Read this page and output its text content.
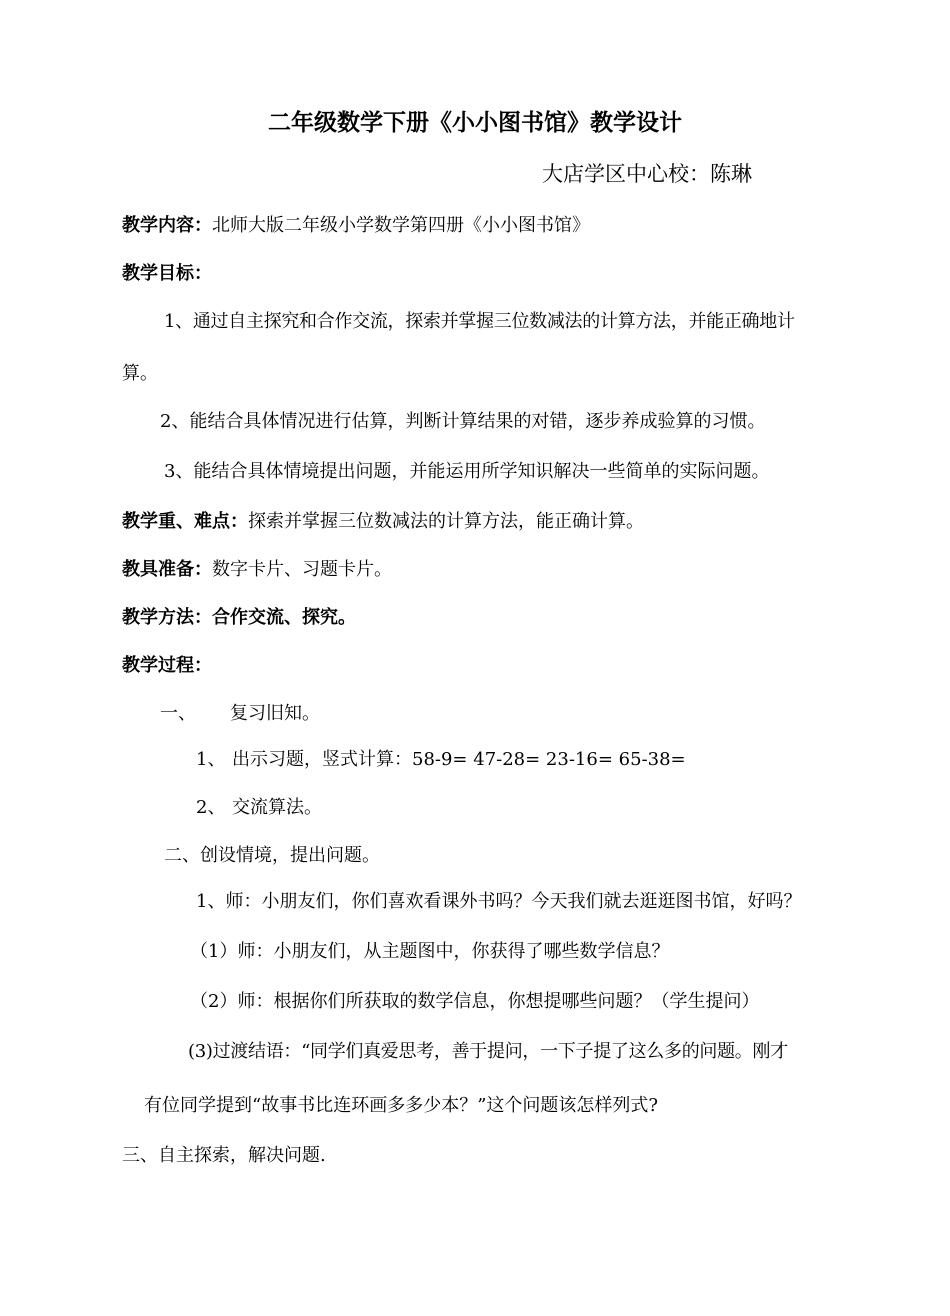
二年级数学下册《小小图书馆》教学设计
大店学区中心校：陈琳
教学内容：北师大版二年级小学数学第四册《小小图书馆》
教学目标：
1、通过自主探究和合作交流，探索并掌握三位数减法的计算方法，并能正确地计
算。
2、能结合具体情况进行估算，判断计算结果的对错，逐步养成验算的习惯。
3、能结合具体情境提出问题，并能运用所学知识解决一些简单的实际问题。
教学重、难点：探索并掌握三位数减法的计算方法，能正确计算。
教具准备：数字卡片、习题卡片。
教学方法：合作交流、探究。
教学过程：
一、 复习旧知。
1、 出示习题，竖式计算：58-9= 47-28= 23-16= 65-38=
2、 交流算法。
二、创设情境，提出问题。
1、师：小朋友们，你们喜欢看课外书吗？今天我们就去逛逛图书馆，好吗？
（1）师：小朋友们，从主题图中，你获得了哪些数学信息？
（2）师：根据你们所获取的数学信息，你想提哪些问题？（学生提问）
(3)过渡结语：“同学们真爱思考，善于提问，一下子提了这么多的问题。刚才
有位同学提到“故事书比连环画多多少本？”这个问题该怎样列式?
三、自主探索，解决问题.
